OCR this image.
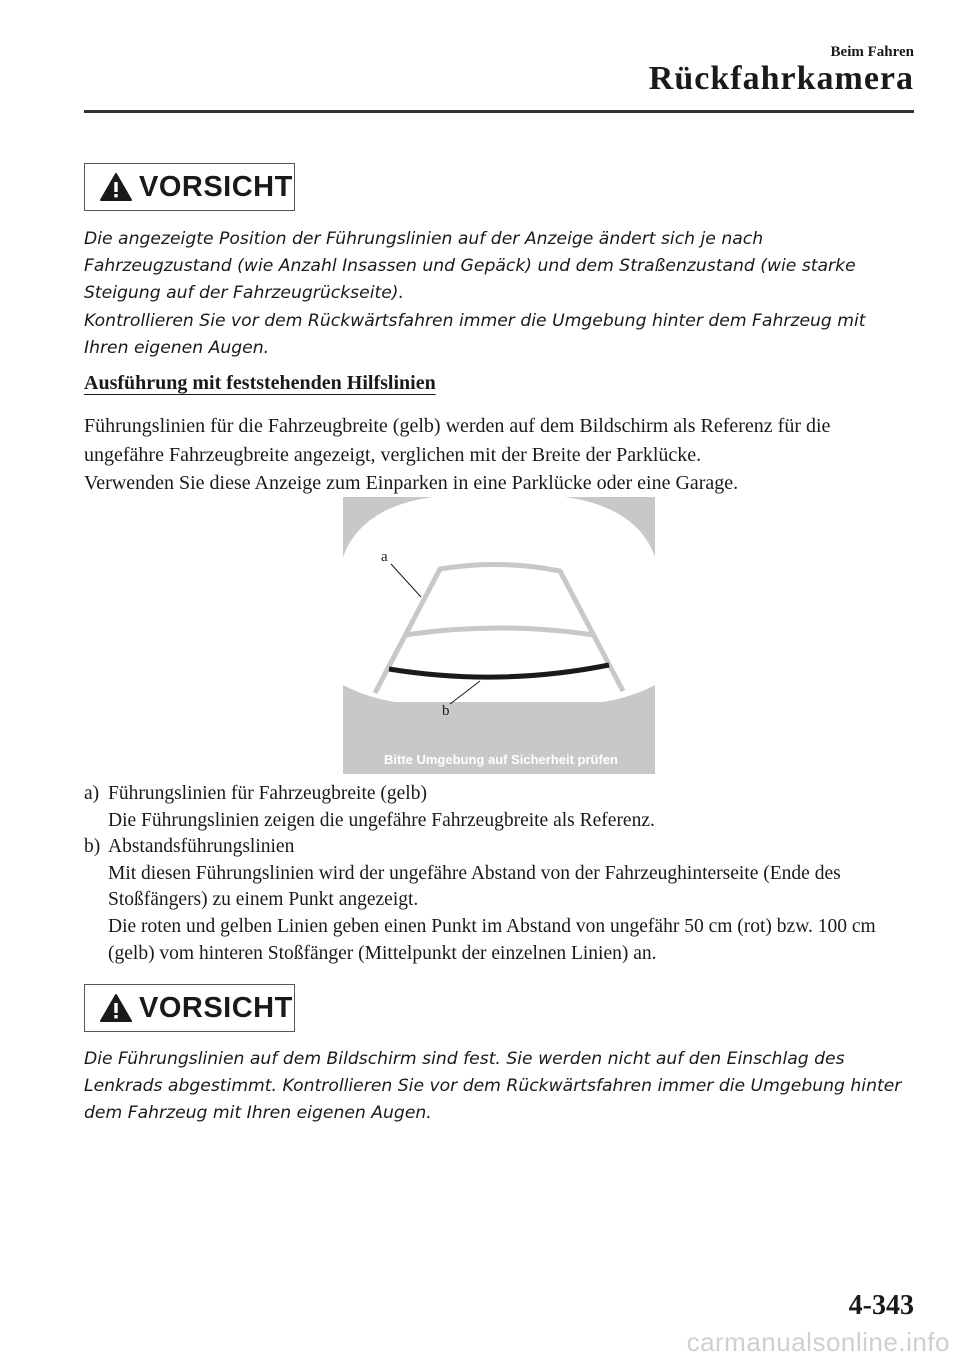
Beim Fahren
Rückfahrkamera
VORSICHT
Die angezeigte Position der Führungslinien auf der Anzeige ändert sich je nach Fahrzeugzustand (wie Anzahl Insassen und Gepäck) und dem Straßenzustand (wie starke Steigung auf der Fahrzeugrückseite).
Kontrollieren Sie vor dem Rückwärtsfahren immer die Umgebung hinter dem Fahrzeug mit Ihren eigenen Augen.
Ausführung mit feststehenden Hilfslinien
Führungslinien für die Fahrzeugbreite (gelb) werden auf dem Bildschirm als Referenz für die ungefähre Fahrzeugbreite angezeigt, verglichen mit der Breite der Parklücke.
Verwenden Sie diese Anzeige zum Einparken in eine Parklücke oder eine Garage.
a
b
Bitte Umgebung auf Sicherheit prüfen
a) Führungslinien für Fahrzeugbreite (gelb)
Die Führungslinien zeigen die ungefähre Fahrzeugbreite als Referenz.
b) Abstandsführungslinien
Mit diesen Führungslinien wird der ungefähre Abstand von der Fahrzeughinterseite (Ende des Stoßfängers) zu einem Punkt angezeigt.
Die roten und gelben Linien geben einen Punkt im Abstand von ungefähr 50 cm (rot) bzw. 100 cm (gelb) vom hinteren Stoßfänger (Mittelpunkt der einzelnen Linien) an.
VORSICHT
Die Führungslinien auf dem Bildschirm sind fest. Sie werden nicht auf den Einschlag des Lenkrads abgestimmt. Kontrollieren Sie vor dem Rückwärtsfahren immer die Umgebung hinter dem Fahrzeug mit Ihren eigenen Augen.
4-343
carmanualsonline.info
